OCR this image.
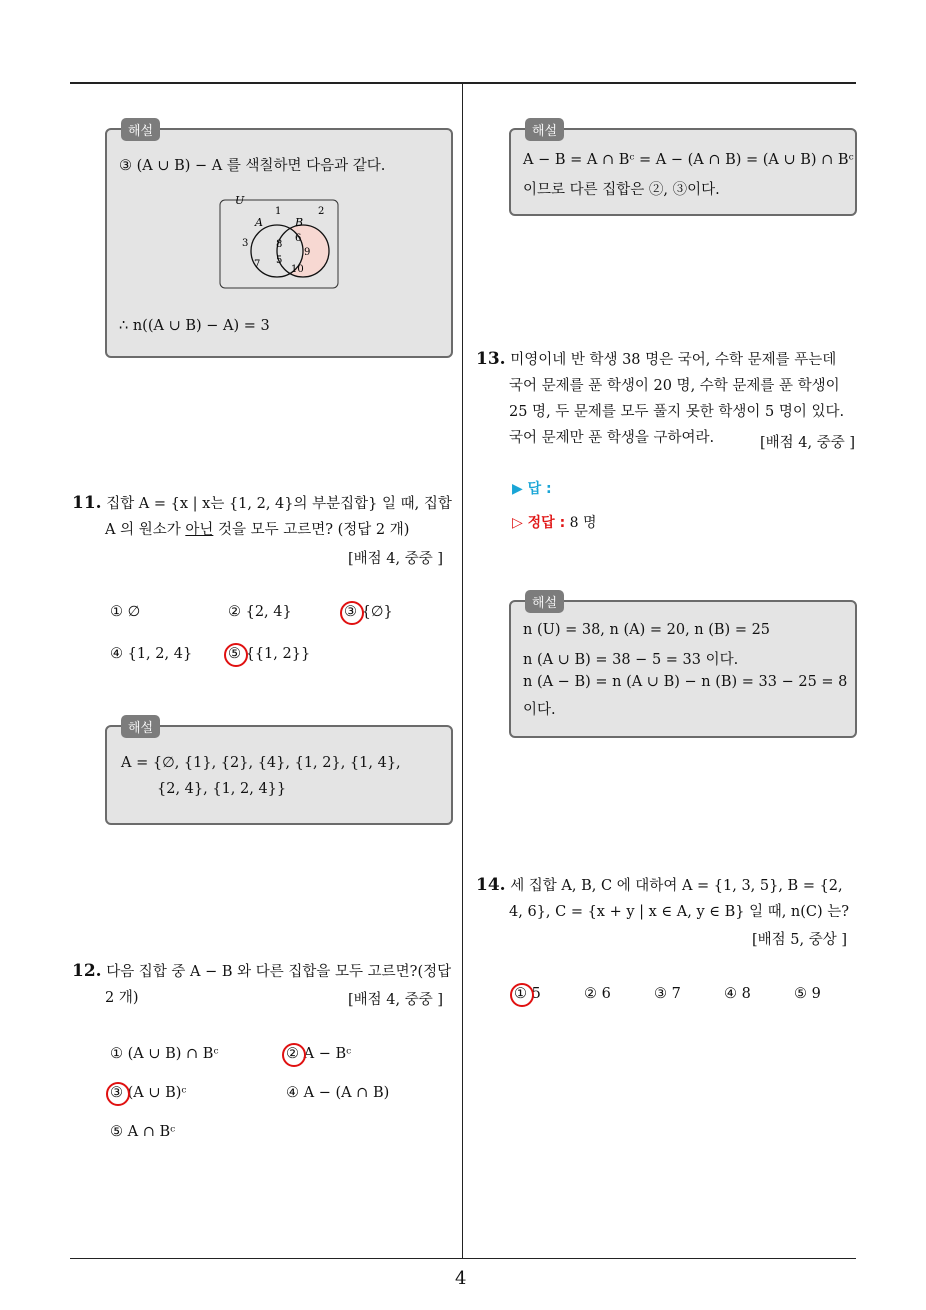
4
해설
③ (A ∪ B) − A 를 색칠하면 다음과 같다.
U
A	B
1	2
3
7
8
5
6
9
10
∴ n((A ∪ B) − A) = 3
11. 집합 A = {x | x는 {1, 2, 4}의 부분집합} 일 때, 집합
A 의 원소가 아닌 것을 모두 고르면? (정답 2 개)
[배점 4, 중중 ]
① ∅	② {2, 4}	③ {∅}
④ {1, 2, 4} ⑤ {{1, 2}}
해설
A = {∅, {1}, {2}, {4}, {1, 2}, {1, 4},
{2, 4}, {1, 2, 4}}
12. 다음 집합 중 A − B 와 다른 집합을 모두 고르면?(정답
2 개)	[배점 4, 중중 ]
① (A ∪ B) ∩ Bᶜ	② A − Bᶜ
③ (A ∪ B)ᶜ	④ A − (A ∩ B)
⑤ A ∩ Bᶜ
해설
A − B = A ∩ Bᶜ = A − (A ∩ B) = (A ∪ B) ∩ Bᶜ
이므로 다른 집합은 ②, ③이다.
13. 미영이네 반 학생 38 명은 국어, 수학 문제를 푸는데
국어 문제를 푼 학생이 20 명, 수학 문제를 푼 학생이
25 명, 두 문제를 모두 풀지 못한 학생이 5 명이 있다.
국어 문제만 푼 학생을 구하여라.	[배점 4, 중중 ]
▶ 답 :
▷ 정답 : 8 명
해설
n (U) = 38, n (A) = 20, n (B) = 25
n (A ∪ B) = 38 − 5 = 33 이다.
n (A − B) = n (A ∪ B) − n (B) = 33 − 25 = 8
이다.
14. 세 집합 A, B, C 에 대하여 A = {1, 3, 5}, B = {2,
4, 6}, C = {x + y | x ∈ A, y ∈ B} 일 때, n(C) 는?
[배점 5, 중상 ]
① 5	② 6	③ 7	④ 8	⑤ 9
